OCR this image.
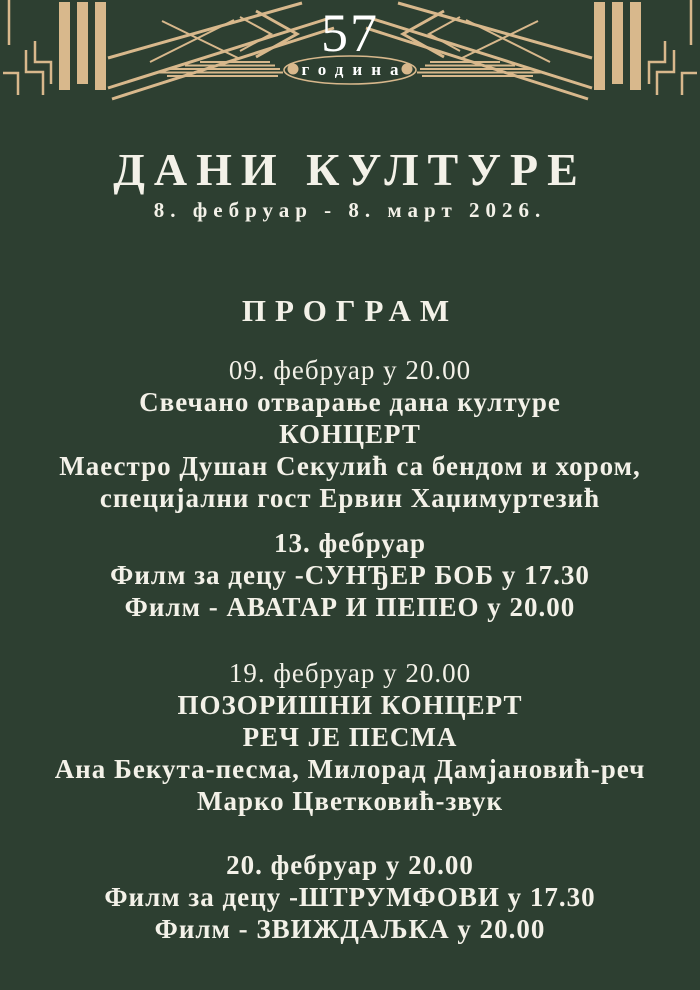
57
година
ДАНИ КУЛТУРЕ
8. фебруар - 8. март 2026.
ПРОГРАМ

09. фебруар у 20.00

Свечано отварање дана културе

КОНЦЕРТ

Маестро Душан Секулић са бендом и хором,

специјални гост Ервин Хаџимуртезић

13. фебруар

Филм за децу -СУНЂЕР БОБ у 17.30

Филм - АВАТАР И ПЕПЕО у 20.00

19. фебруар у 20.00

ПОЗОРИШНИ КОНЦЕРТ

РЕЧ ЈЕ ПЕСМА

Ана Бекута-песма, Милорад Дамјановић-реч

Марко Цветковић-звук

20. фебруар у 20.00

Филм за децу -ШТРУМФОВИ у 17.30

Филм - ЗВИЖДАЉКА у 20.00
